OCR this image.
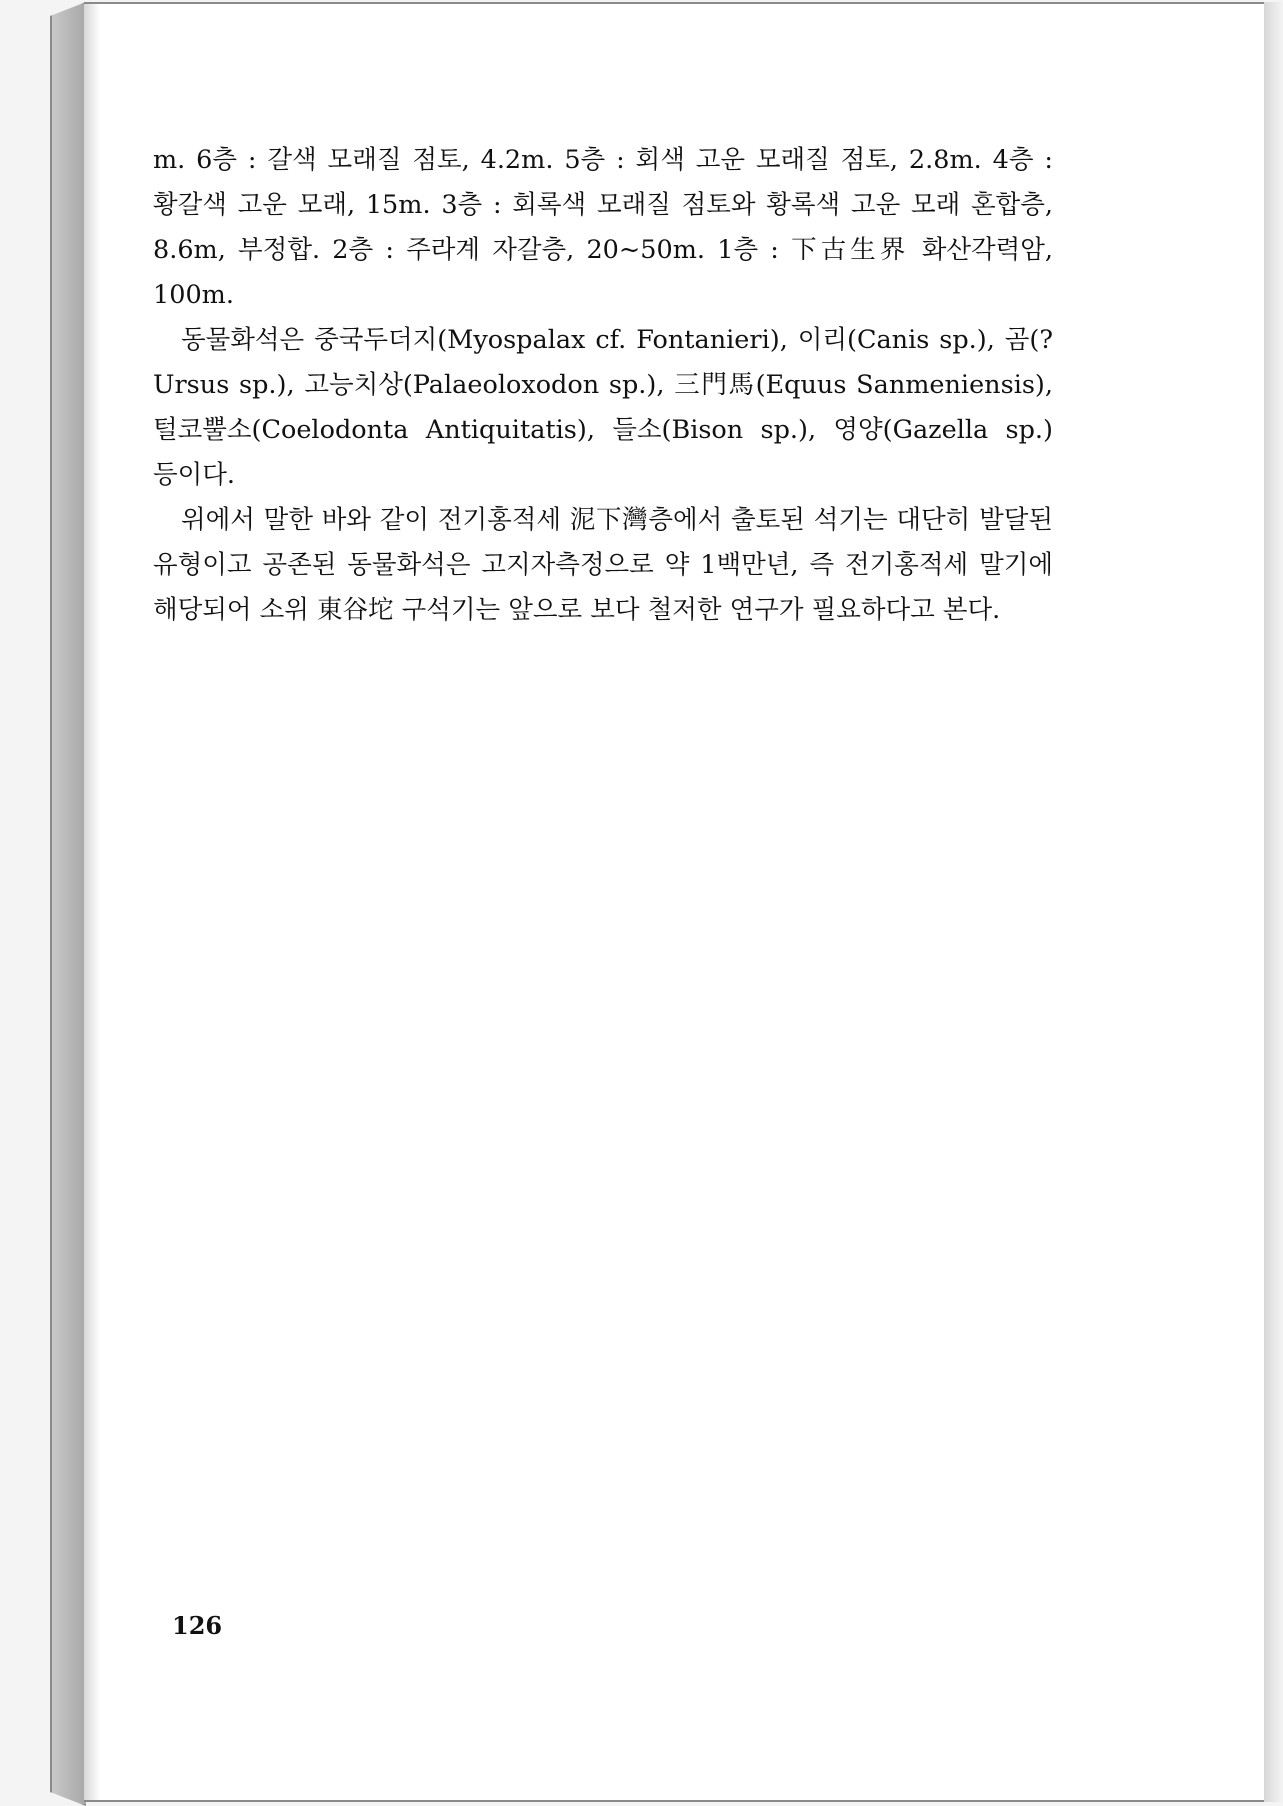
m. 6층 : 갈색 모래질 점토, 4.2m. 5층 : 회색 고운 모래질 점토, 2.8m. 4층 : 황갈색 고운 모래, 15m. 3층 : 회록색 모래질 점토와 황록색 고운 모래 혼합층, 8.6m, 부정합. 2층 : 주라계 자갈층, 20~50m. 1층 : 下古生界 화산각력암, 100m.

동물화석은 중국두더지(Myospalax cf. Fontanieri), 이리(Canis sp.), 곰(?Ursus sp.), 고능치상(Palaeoloxodon sp.), 三門馬(Equus Sanmeniensis), 털코뿔소(Coelodonta Antiquitatis), 들소(Bison sp.), 영양(Gazella sp.) 등이다.

위에서 말한 바와 같이 전기홍적세 泥下灣층에서 출토된 석기는 대단히 발달된 유형이고 공존된 동물화석은 고지자측정으로 약 1백만년, 즉 전기홍적세 말기에 해당되어 소위 東谷坨 구석기는 앞으로 보다 철저한 연구가 필요하다고 본다.

126
